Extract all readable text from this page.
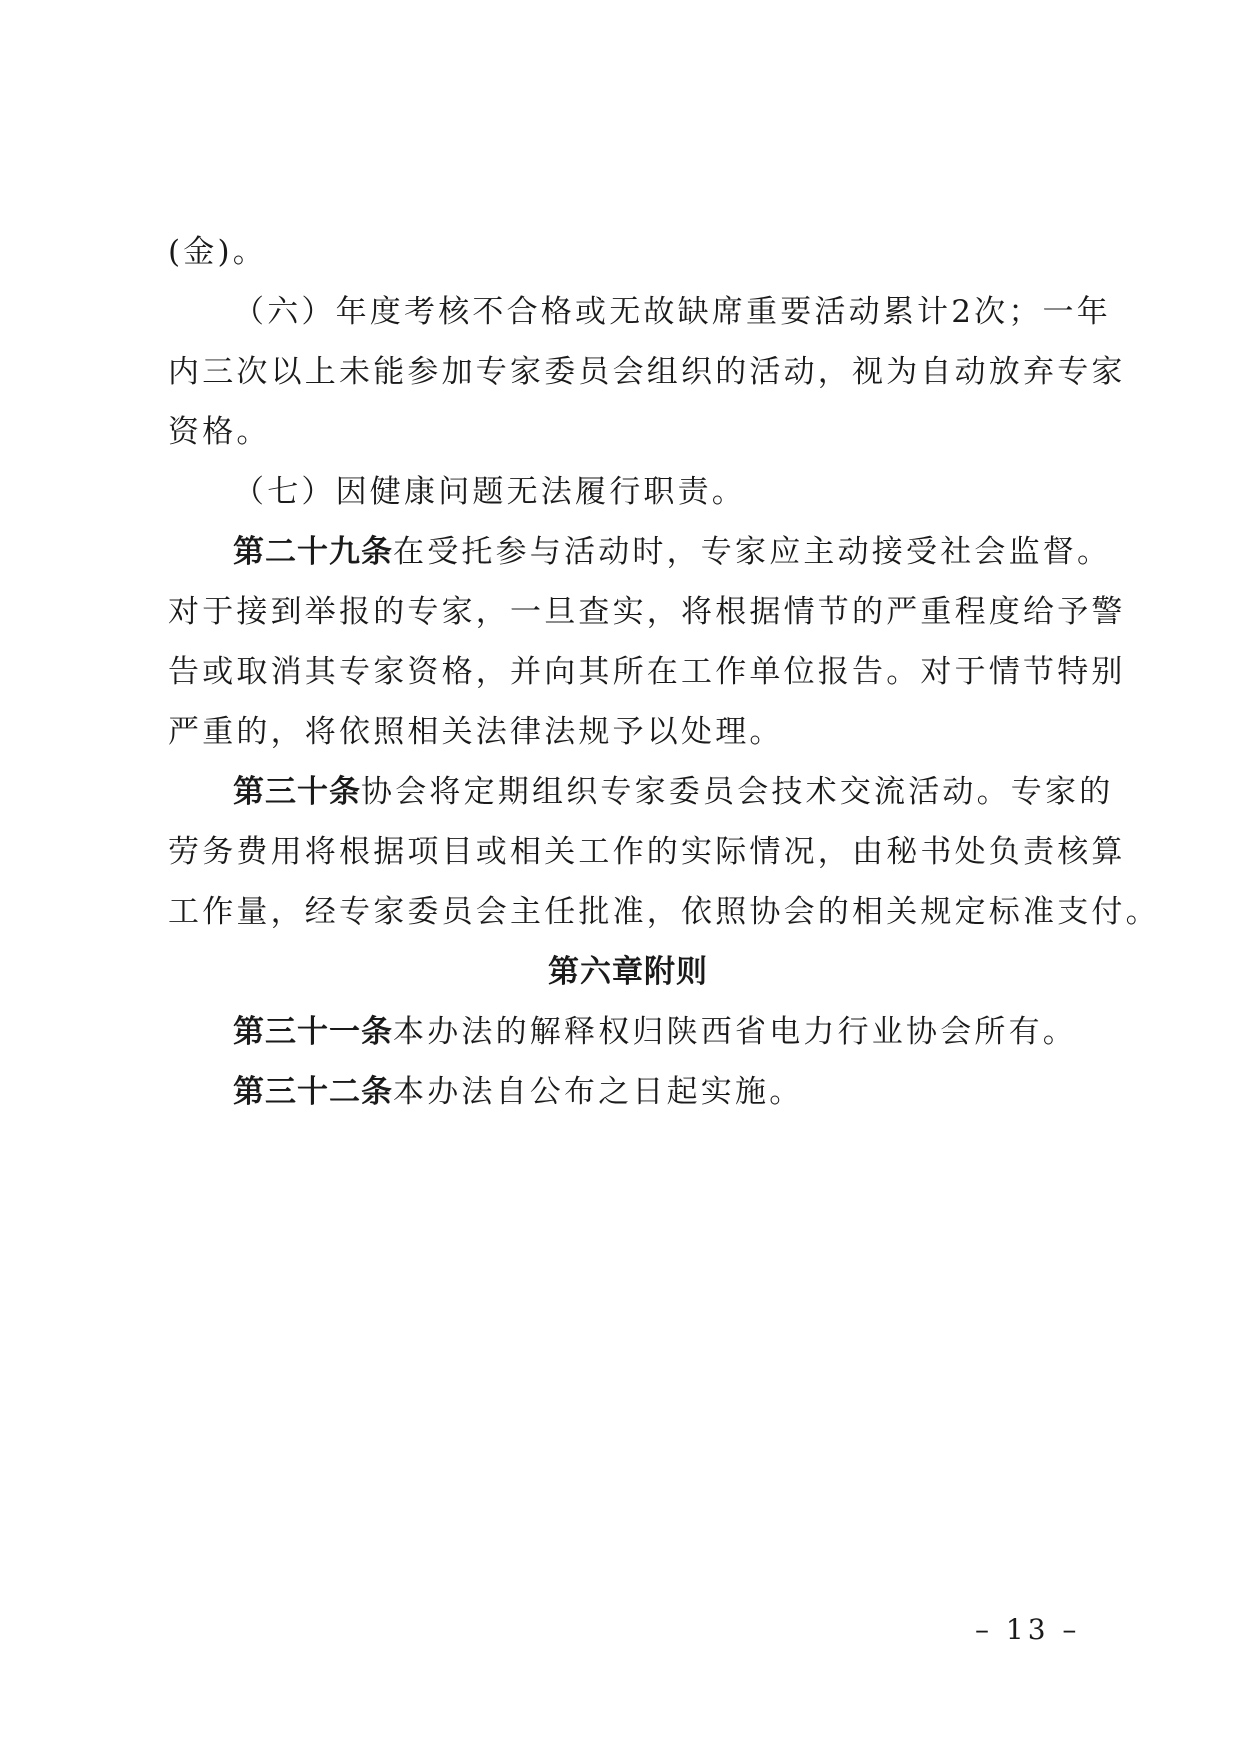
(金)。
（六）年度考核不合格或无故缺席重要活动累计2次；一年
内三次以上未能参加专家委员会组织的活动，视为自动放弃专家
资格。
（七）因健康问题无法履行职责。
第二十九条在受托参与活动时，专家应主动接受社会监督。
对于接到举报的专家，一旦查实，将根据情节的严重程度给予警
告或取消其专家资格，并向其所在工作单位报告。对于情节特别
严重的，将依照相关法律法规予以处理。
第三十条协会将定期组织专家委员会技术交流活动。专家的
劳务费用将根据项目或相关工作的实际情况，由秘书处负责核算
工作量，经专家委员会主任批准，依照协会的相关规定标准支付。
第六章附则
第三十一条本办法的解释权归陕西省电力行业协会所有。
第三十二条本办法自公布之日起实施。
– 13 –
